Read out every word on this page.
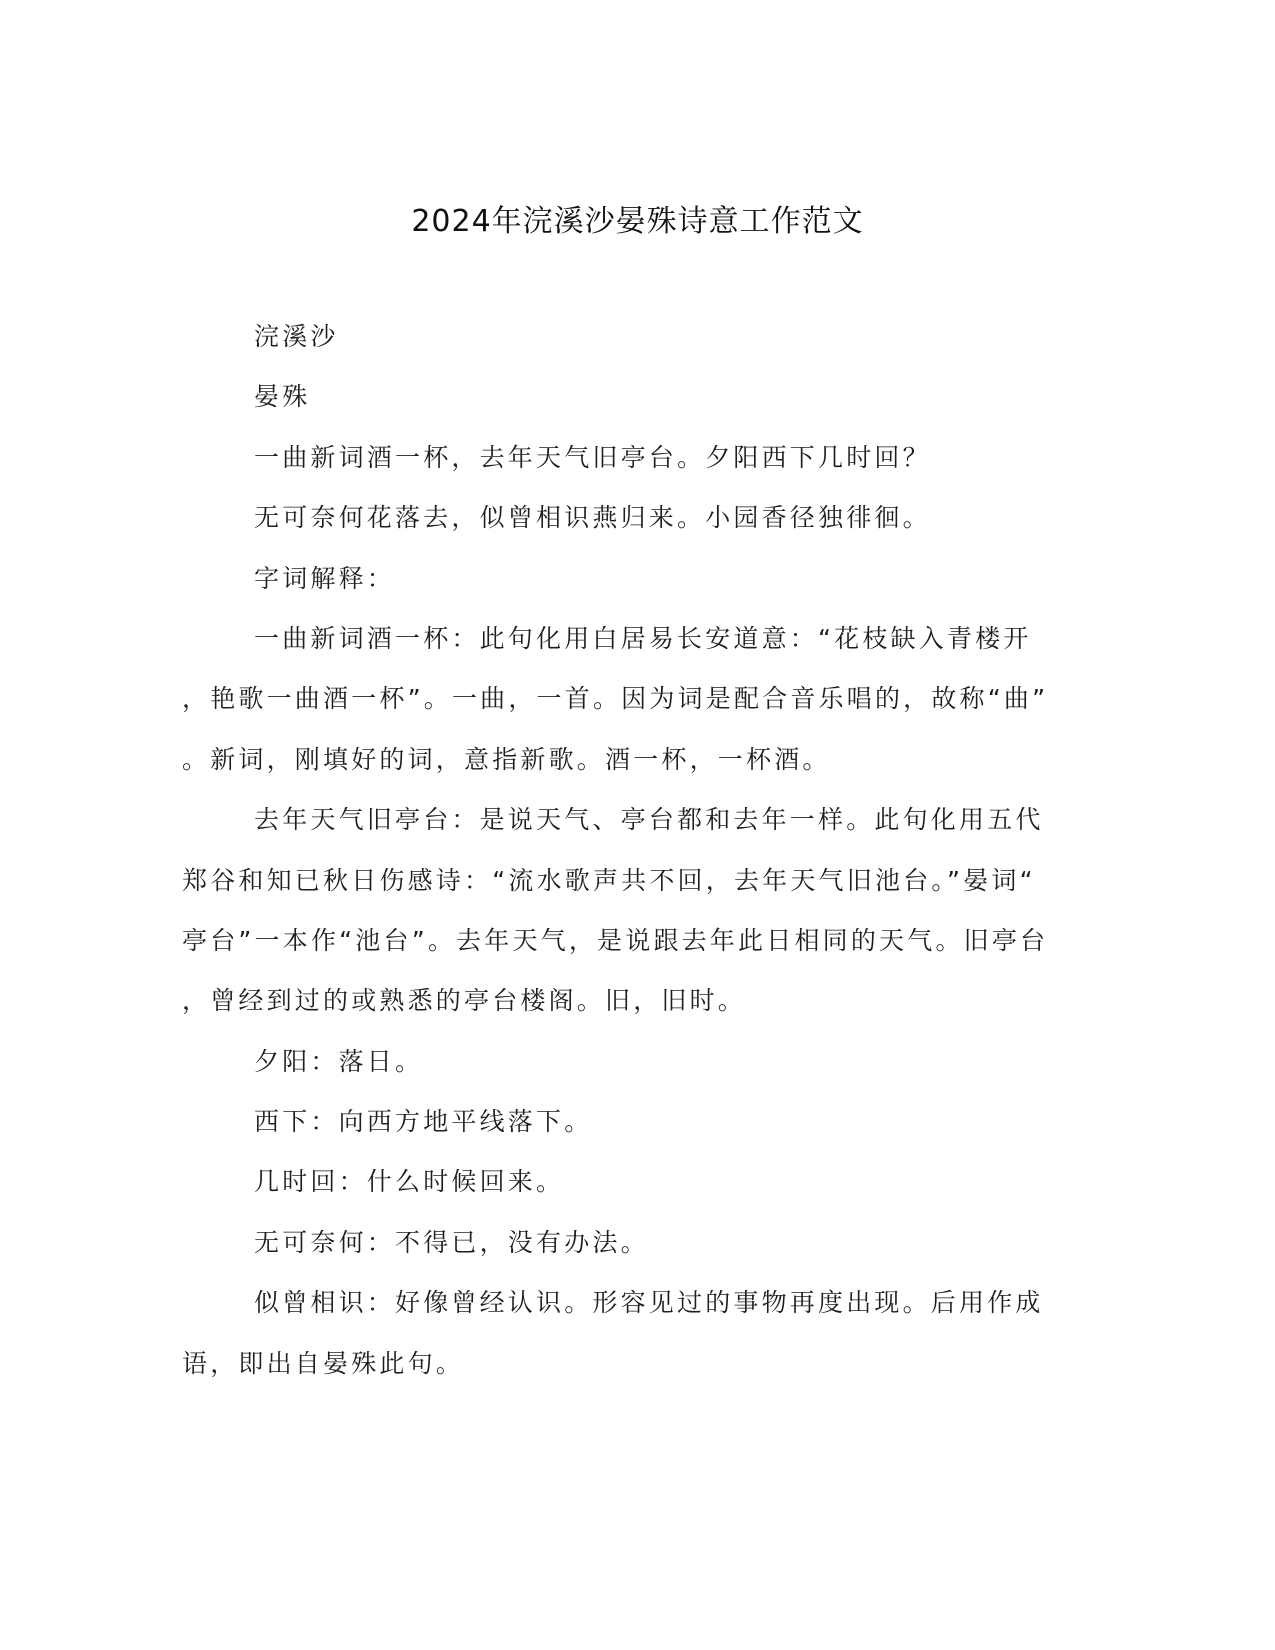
2024年浣溪沙晏殊诗意工作范文
浣溪沙
晏殊
一曲新词酒一杯，去年天气旧亭台。夕阳西下几时回？
无可奈何花落去，似曾相识燕归来。小园香径独徘徊。
字词解释：
一曲新词酒一杯：此句化用白居易长安道意：“花枝缺入青楼开
，艳歌一曲酒一杯”。一曲，一首。因为词是配合音乐唱的，故称“曲”
。新词，刚填好的词，意指新歌。酒一杯，一杯酒。
去年天气旧亭台：是说天气、亭台都和去年一样。此句化用五代
郑谷和知已秋日伤感诗：“流水歌声共不回，去年天气旧池台。”晏词“
亭台”一本作“池台”。去年天气，是说跟去年此日相同的天气。旧亭台
，曾经到过的或熟悉的亭台楼阁。旧，旧时。
夕阳：落日。
西下：向西方地平线落下。
几时回：什么时候回来。
无可奈何：不得已，没有办法。
似曾相识：好像曾经认识。形容见过的事物再度出现。后用作成
语，即出自晏殊此句。
